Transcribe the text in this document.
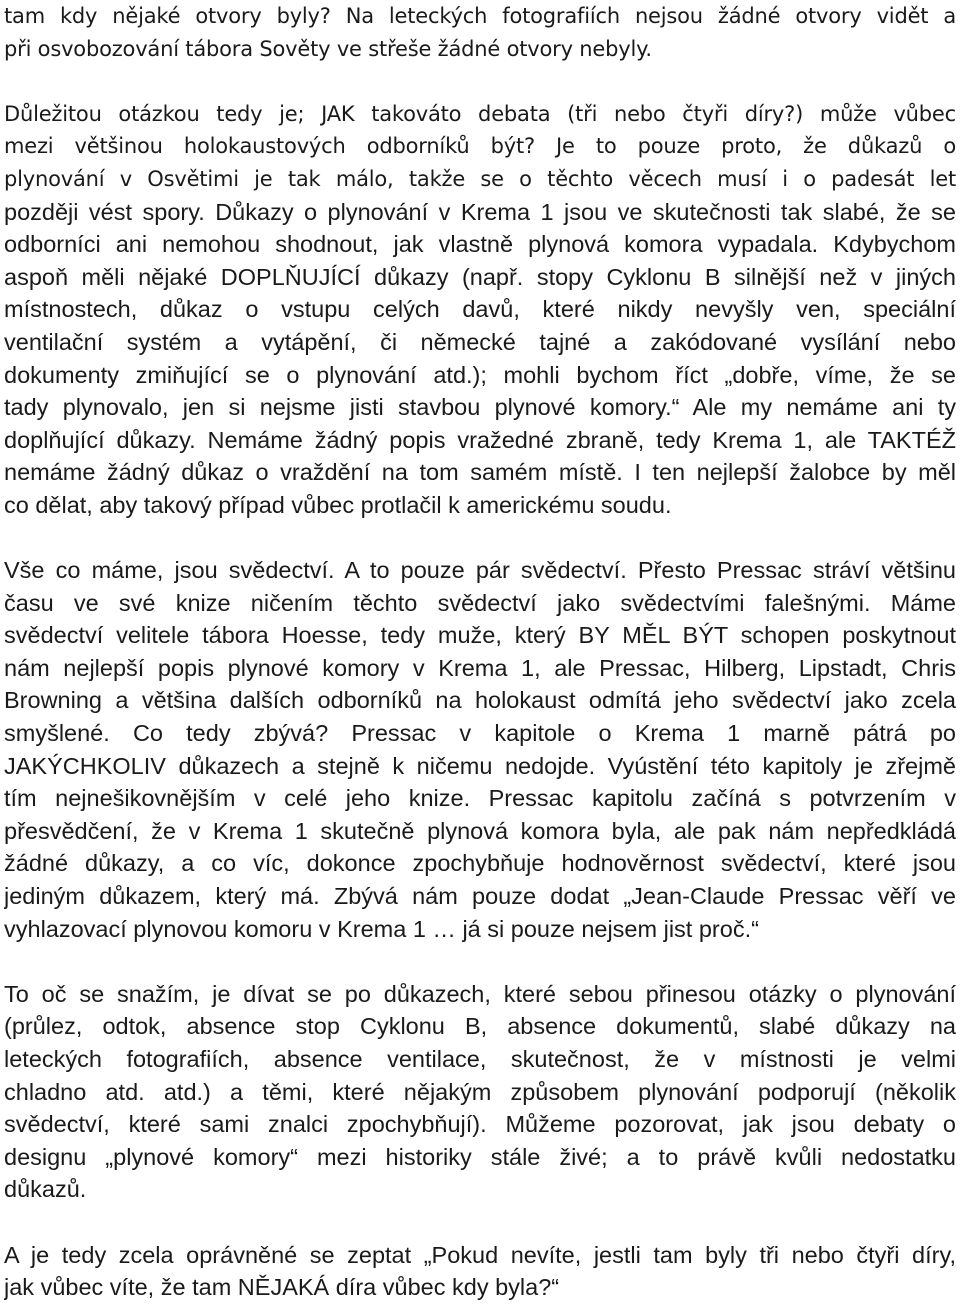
tam kdy nějaké otvory byly? Na leteckých fotografiích nejsou žádné otvory vidět a
při osvobozování tábora Sověty ve střeše žádné otvory nebyly.
Důležitou otázkou tedy je; JAK takováto debata (tři nebo čtyři díry?) může vůbec
mezi většinou holokaustových odborníků být? Je to pouze proto, že důkazů o
plynování v Osvětimi je tak málo, takže se o těchto věcech musí i o padesát let
později vést spory. Důkazy o plynování v Krema 1 jsou ve skutečnosti tak slabé, že se
odborníci ani nemohou shodnout, jak vlastně plynová komora vypadala. Kdybychom
aspoň měli nějaké DOPLŇUJÍCÍ důkazy (např. stopy Cyklonu B silnější než v jiných
místnostech, důkaz o vstupu celých davů, které nikdy nevyšly ven, speciální
ventilační systém a vytápění, či německé tajné a zakódované vysílání nebo
dokumenty zmiňující se o plynování atd.); mohli bychom říct „dobře, víme, že se
tady plynovalo, jen si nejsme jisti stavbou plynové komory.“ Ale my nemáme ani ty
doplňující důkazy. Nemáme žádný popis vražedné zbraně, tedy Krema 1, ale TAKTÉŽ
nemáme žádný důkaz o vraždění na tom samém místě. I ten nejlepší žalobce by měl
co dělat, aby takový případ vůbec protlačil k americkému soudu.
Vše co máme, jsou svědectví. A to pouze pár svědectví. Přesto Pressac stráví většinu
času ve své knize ničením těchto svědectví jako svědectvími falešnými. Máme
svědectví velitele tábora Hoesse, tedy muže, který BY MĚL BÝT schopen poskytnout
nám nejlepší popis plynové komory v Krema 1, ale Pressac, Hilberg, Lipstadt, Chris
Browning a většina dalších odborníků na holokaust odmítá jeho svědectví jako zcela
smyšlené. Co tedy zbývá? Pressac v kapitole o Krema 1 marně pátrá po
JAKÝCHKOLIV důkazech a stejně k ničemu nedojde. Vyústění této kapitoly je zřejmě
tím nejnešikovnějším v celé jeho knize. Pressac kapitolu začíná s potvrzením v
přesvědčení, že v Krema 1 skutečně plynová komora byla, ale pak nám nepředkládá
žádné důkazy, a co víc, dokonce zpochybňuje hodnověrnost svědectví, které jsou
jediným důkazem, který má. Zbývá nám pouze dodat „Jean-Claude Pressac věří ve
vyhlazovací plynovou komoru v Krema 1 … já si pouze nejsem jist proč.“
To oč se snažím, je dívat se po důkazech, které sebou přinesou otázky o plynování
(průlez, odtok, absence stop Cyklonu B, absence dokumentů, slabé důkazy na
leteckých fotografiích, absence ventilace, skutečnost, že v místnosti je velmi
chladno atd. atd.) a těmi, které nějakým způsobem plynování podporují (několik
svědectví, které sami znalci zpochybňují). Můžeme pozorovat, jak jsou debaty o
designu „plynové komory“ mezi historiky stále živé; a to právě kvůli nedostatku
důkazů.
A je tedy zcela oprávněné se zeptat „Pokud nevíte, jestli tam byly tři nebo čtyři díry,
jak vůbec víte, že tam NĚJAKÁ díra vůbec kdy byla?“
